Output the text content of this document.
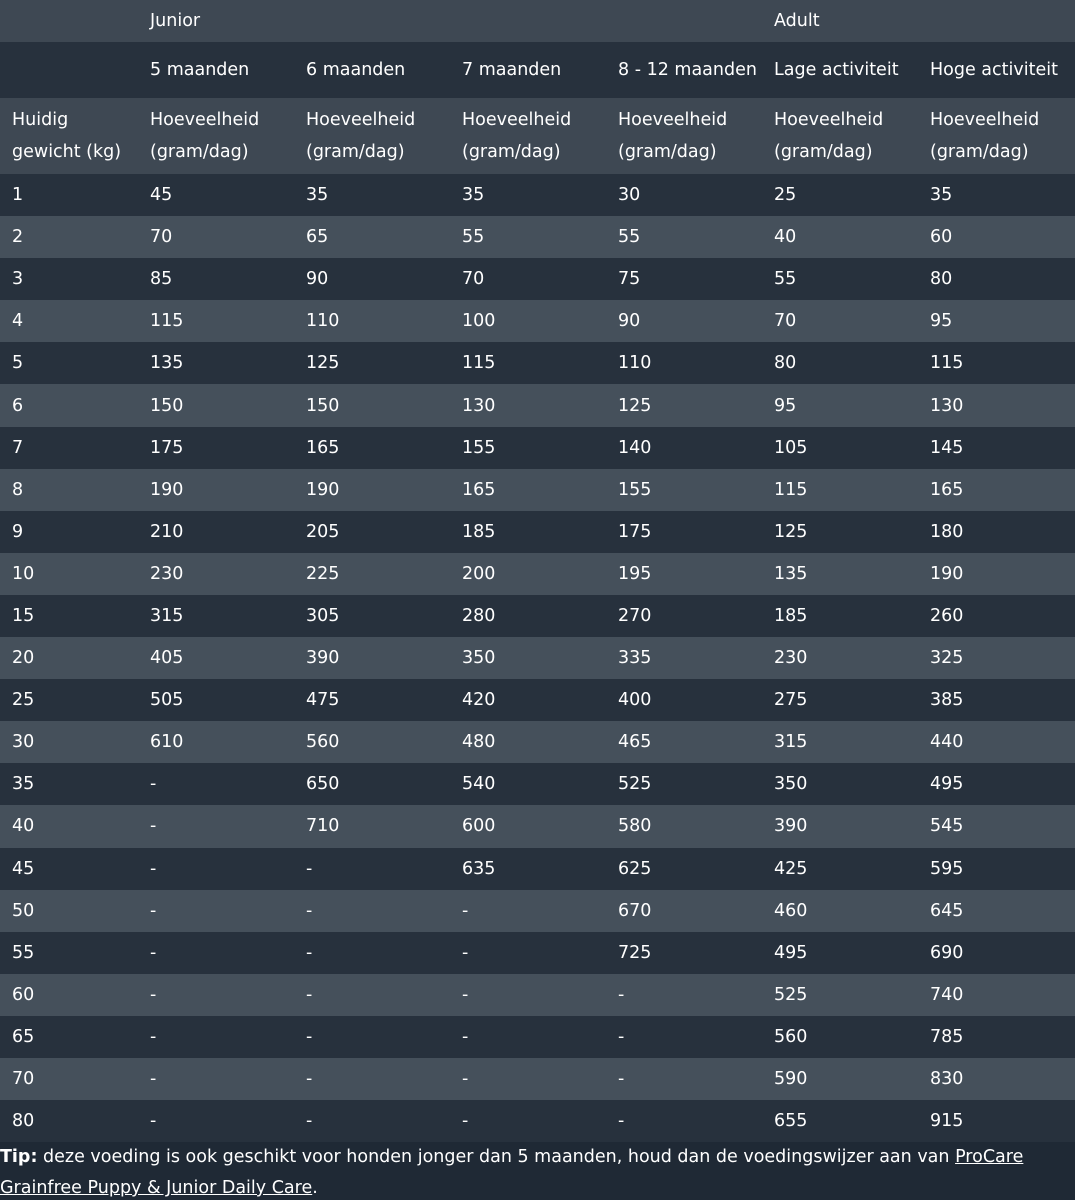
	Junior				Adult	
	5 maanden	6 maanden	7 maanden	8 - 12 maanden	Lage activiteit	Hoge activiteit
Huidig gewicht (kg)	Hoeveelheid (gram/dag)	Hoeveelheid (gram/dag)	Hoeveelheid (gram/dag)	Hoeveelheid (gram/dag)	Hoeveelheid (gram/dag)	Hoeveelheid (gram/dag)
1	45	35	35	30	25	35
2	70	65	55	55	40	60
3	85	90	70	75	55	80
4	115	110	100	90	70	95
5	135	125	115	110	80	115
6	150	150	130	125	95	130
7	175	165	155	140	105	145
8	190	190	165	155	115	165
9	210	205	185	175	125	180
10	230	225	200	195	135	190
15	315	305	280	270	185	260
20	405	390	350	335	230	325
25	505	475	420	400	275	385
30	610	560	480	465	315	440
35	-	650	540	525	350	495
40	-	710	600	580	390	545
45	-	-	635	625	425	595
50	-	-	-	670	460	645
55	-	-	-	725	495	690
60	-	-	-	-	525	740
65	-	-	-	-	560	785
70	-	-	-	-	590	830
80	-	-	-	-	655	915
Tip: deze voeding is ook geschikt voor honden jonger dan 5 maanden, houd dan de voedingswijzer aan van ProCare Grainfree Puppy & Junior Daily Care.
